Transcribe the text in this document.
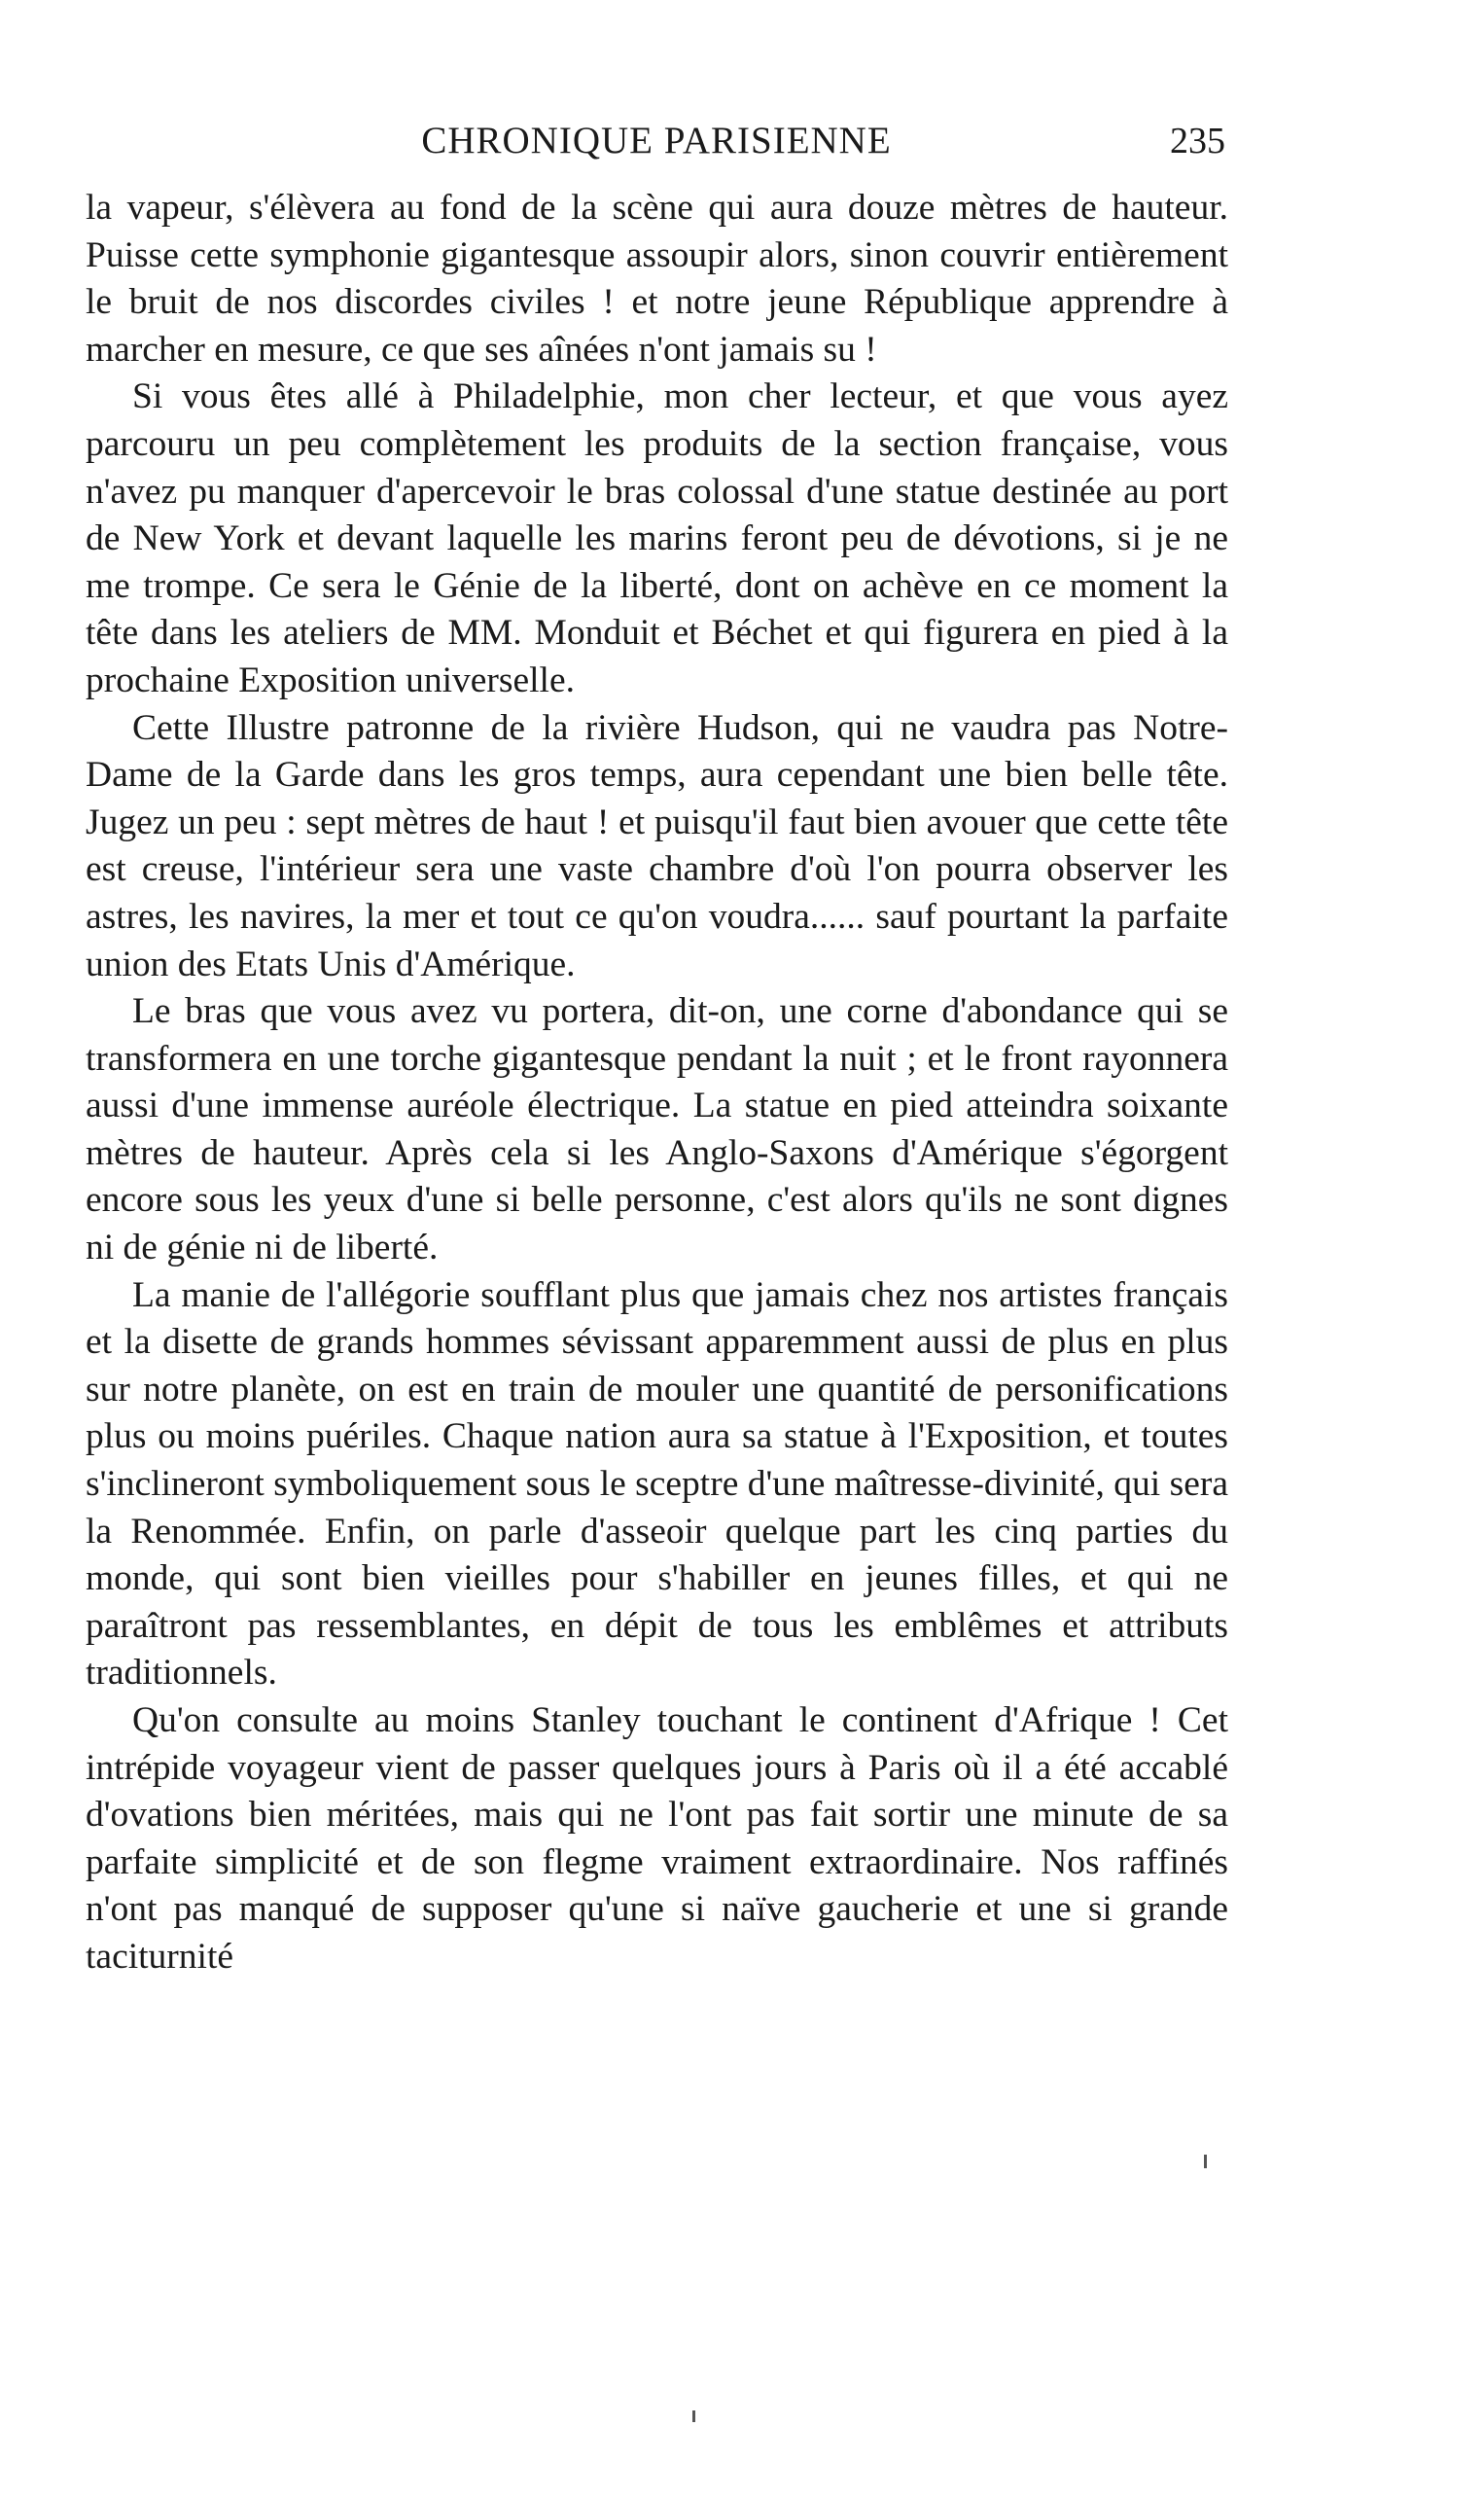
CHRONIQUE PARISIENNE	235

la vapeur, s'élèvera au fond de la scène qui aura douze mètres de hauteur. Puisse cette symphonie gigantesque assoupir alors, sinon couvrir entièrement le bruit de nos discordes civiles ! et notre jeune République apprendre à marcher en mesure, ce que ses aînées n'ont jamais su !

Si vous êtes allé à Philadelphie, mon cher lecteur, et que vous ayez parcouru un peu complètement les produits de la section française, vous n'avez pu manquer d'apercevoir le bras colossal d'une statue destinée au port de New York et devant laquelle les marins feront peu de dévotions, si je ne me trompe. Ce sera le Génie de la liberté, dont on achève en ce moment la tête dans les ateliers de MM. Monduit et Béchet et qui figurera en pied à la prochaine Exposition universelle.

Cette Illustre patronne de la rivière Hudson, qui ne vaudra pas Notre-Dame de la Garde dans les gros temps, aura cependant une bien belle tête. Jugez un peu : sept mètres de haut ! et puisqu'il faut bien avouer que cette tête est creuse, l'intérieur sera une vaste chambre d'où l'on pourra observer les astres, les navires, la mer et tout ce qu'on voudra...... sauf pourtant la parfaite union des Etats Unis d'Amérique.

Le bras que vous avez vu portera, dit-on, une corne d'abondance qui se transformera en une torche gigantesque pendant la nuit ; et le front rayonnera aussi d'une immense auréole électrique. La statue en pied atteindra soixante mètres de hauteur. Après cela si les Anglo-Saxons d'Amérique s'égorgent encore sous les yeux d'une si belle personne, c'est alors qu'ils ne sont dignes ni de génie ni de liberté.

La manie de l'allégorie soufflant plus que jamais chez nos artistes français et la disette de grands hommes sévissant apparemment aussi de plus en plus sur notre planète, on est en train de mouler une quantité de personifications plus ou moins puériles. Chaque nation aura sa statue à l'Exposition, et toutes s'inclineront symboliquement sous le sceptre d'une maîtresse-divinité, qui sera la Renommée. Enfin, on parle d'asseoir quelque part les cinq parties du monde, qui sont bien vieilles pour s'habiller en jeunes filles, et qui ne paraîtront pas ressemblantes, en dépit de tous les emblêmes et attributs traditionnels.

Qu'on consulte au moins Stanley touchant le continent d'Afrique ! Cet intrépide voyageur vient de passer quelques jours à Paris où il a été accablé d'ovations bien méritées, mais qui ne l'ont pas fait sortir une minute de sa parfaite simplicité et de son flegme vraiment extraordinaire. Nos raffinés n'ont pas manqué de supposer qu'une si naïve gaucherie et une si grande taciturnité
